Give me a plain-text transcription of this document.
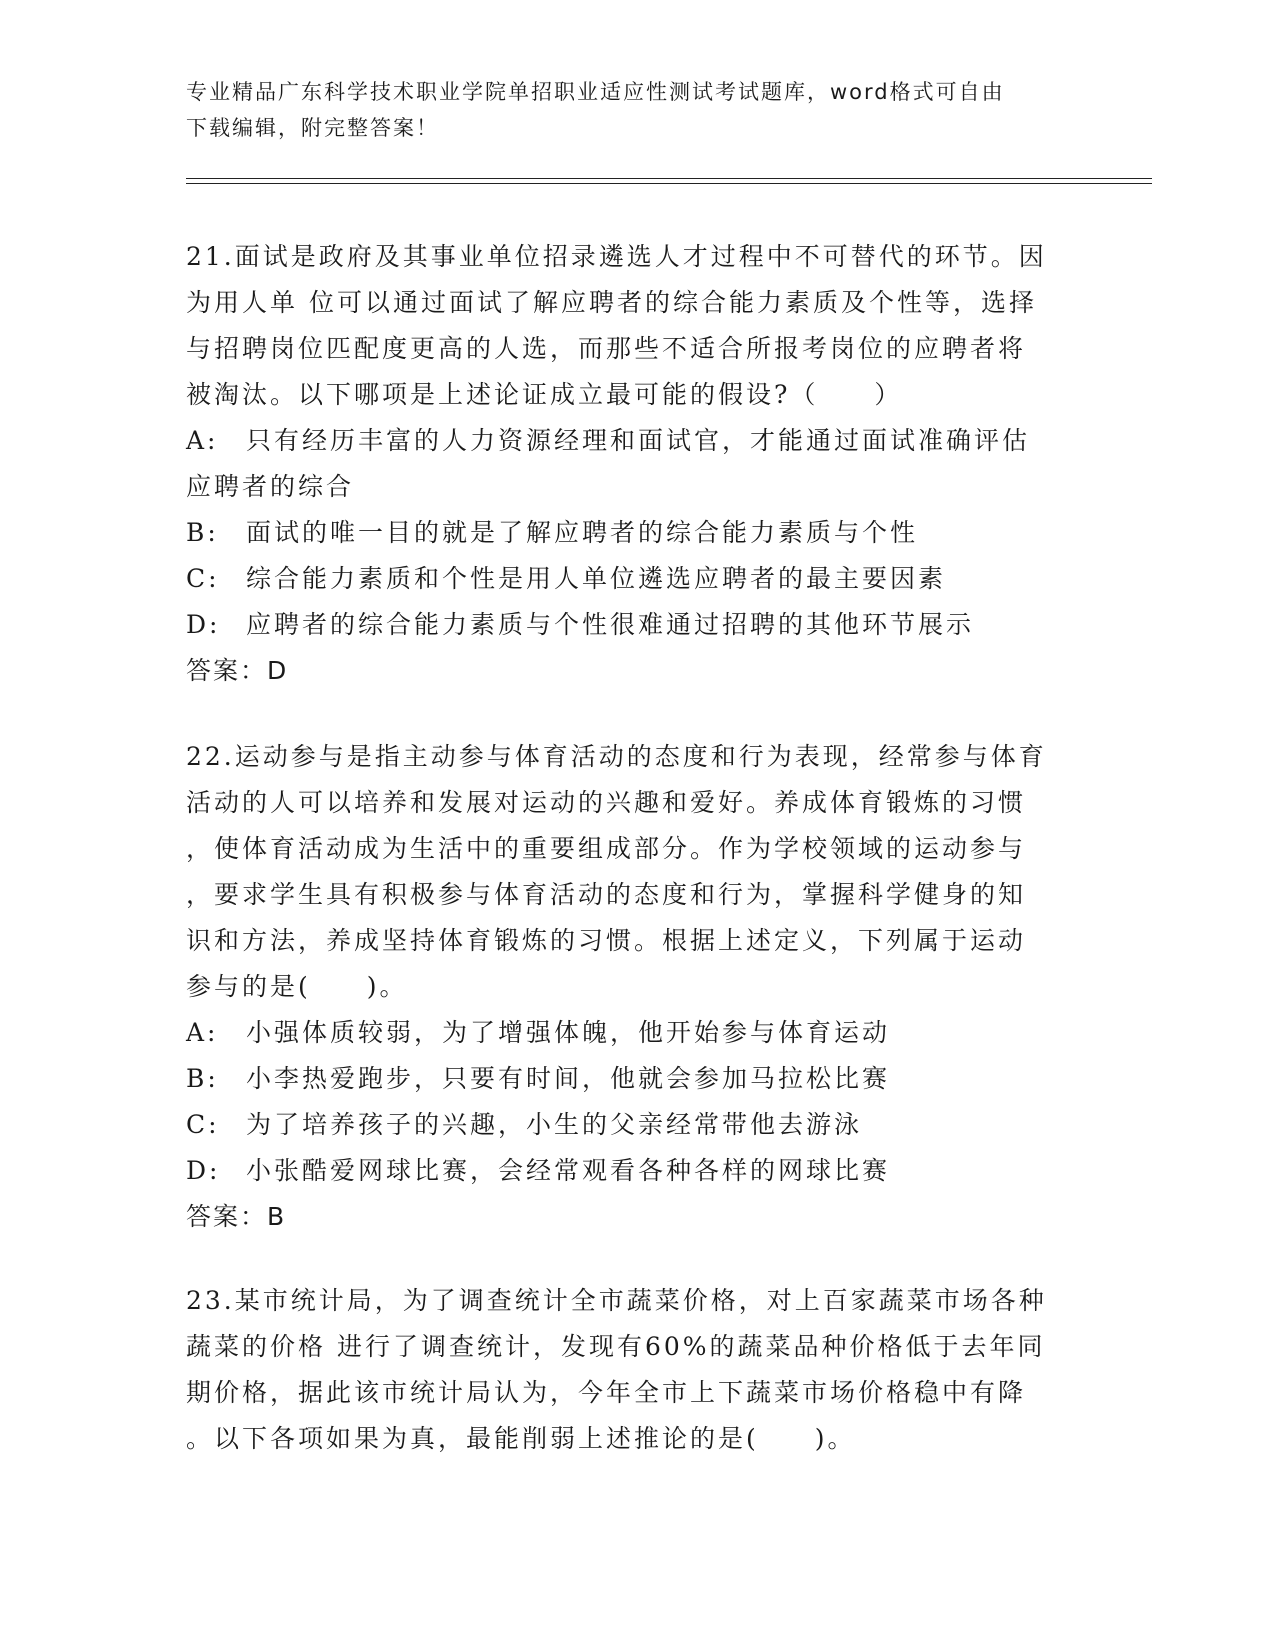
专业精品广东科学技术职业学院单招职业适应性测试考试题库，word格式可自由
下载编辑，附完整答案！
21.面试是政府及其事业单位招录遴选人才过程中不可替代的环节。因
为用人单 位可以通过面试了解应聘者的综合能力素质及个性等，选择
与招聘岗位匹配度更高的人选，而那些不适合所报考岗位的应聘者将
被淘汰。以下哪项是上述论证成立最可能的假设?（　　）
A:	只有经历丰富的人力资源经理和面试官，才能通过面试准确评估
应聘者的综合
B:	面试的唯一目的就是了解应聘者的综合能力素质与个性
C:	综合能力素质和个性是用人单位遴选应聘者的最主要因素
D:	应聘者的综合能力素质与个性很难通过招聘的其他环节展示
答案：D
22.运动参与是指主动参与体育活动的态度和行为表现，经常参与体育
活动的人可以培养和发展对运动的兴趣和爱好。养成体育锻炼的习惯
，使体育活动成为生活中的重要组成部分。作为学校领域的运动参与
，要求学生具有积极参与体育活动的态度和行为，掌握科学健身的知
识和方法，养成坚持体育锻炼的习惯。根据上述定义，下列属于运动
参与的是(　　)。
A:	小强体质较弱，为了增强体魄，他开始参与体育运动
B:	小李热爱跑步，只要有时间，他就会参加马拉松比赛
C:	为了培养孩子的兴趣，小生的父亲经常带他去游泳
D:	小张酷爱网球比赛，会经常观看各种各样的网球比赛
答案：B
23.某市统计局，为了调查统计全市蔬菜价格，对上百家蔬菜市场各种
蔬菜的价格 进行了调查统计，发现有60%的蔬菜品种价格低于去年同
期价格，据此该市统计局认为，今年全市上下蔬菜市场价格稳中有降
。以下各项如果为真，最能削弱上述推论的是(　　)。
